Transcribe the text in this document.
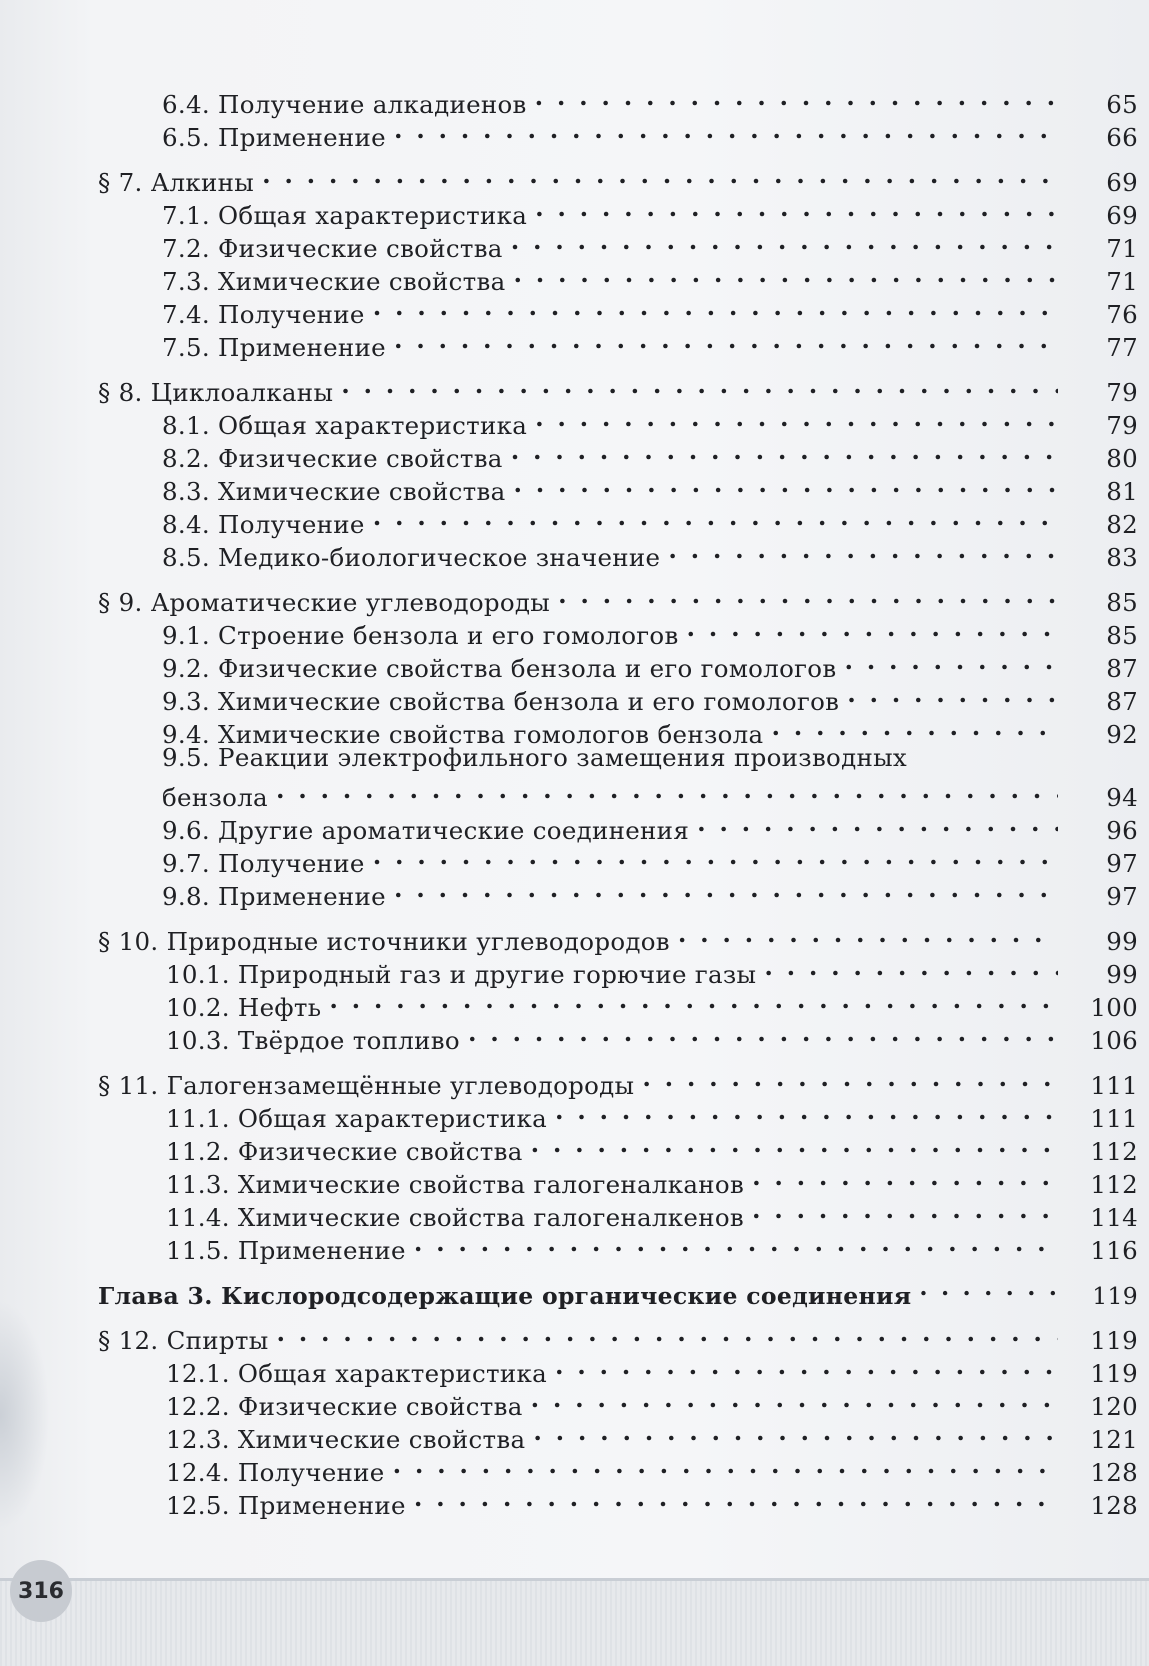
6.4. Получение алкадиенов . . .	65
6.5. Применение . . .	66
§ 7. Алкины . . .	69
7.1. Общая характеристика . . .	69
7.2. Физические свойства . . .	71
7.3. Химические свойства . . .	71
7.4. Получение . . .	76
7.5. Применение . . .	77
§ 8. Циклоалканы . . .	79
8.1. Общая характеристика . . .	79
8.2. Физические свойства . . .	80
8.3. Химические свойства . . .	81
8.4. Получение . . .	82
8.5. Медико-биологическое значение . . .	83
§ 9. Ароматические углеводороды . . .	85
9.1. Строение бензола и его гомологов . . .	85
9.2. Физические свойства бензола и его гомологов . . .	87
9.3. Химические свойства бензола и его гомологов . . .	87
9.4. Химические свойства гомологов бензола . . .	92
9.5. Реакции электрофильного замещения производных
бензола . . .	94
9.6. Другие ароматические соединения . . .	96
9.7. Получение . . .	97
9.8. Применение . . .	97
§ 10. Природные источники углеводородов . . .	99
10.1. Природный газ и другие горючие газы . . .	99
10.2. Нефть . . .	100
10.3. Твёрдое топливо . . .	106
§ 11. Галогензамещённые углеводороды . . .	111
11.1. Общая характеристика . . .	111
11.2. Физические свойства . . .	112
11.3. Химические свойства галогеналканов . . .	112
11.4. Химические свойства галогеналкенов . . .	114
11.5. Применение . . .	116
Глава 3. Кислородсодержащие органические соединения . . .	119
§ 12. Спирты . . .	119
12.1. Общая характеристика . . .	119
12.2. Физические свойства . . .	120
12.3. Химические свойства . . .	121
12.4. Получение . . .	128
12.5. Применение . . .	128
316
